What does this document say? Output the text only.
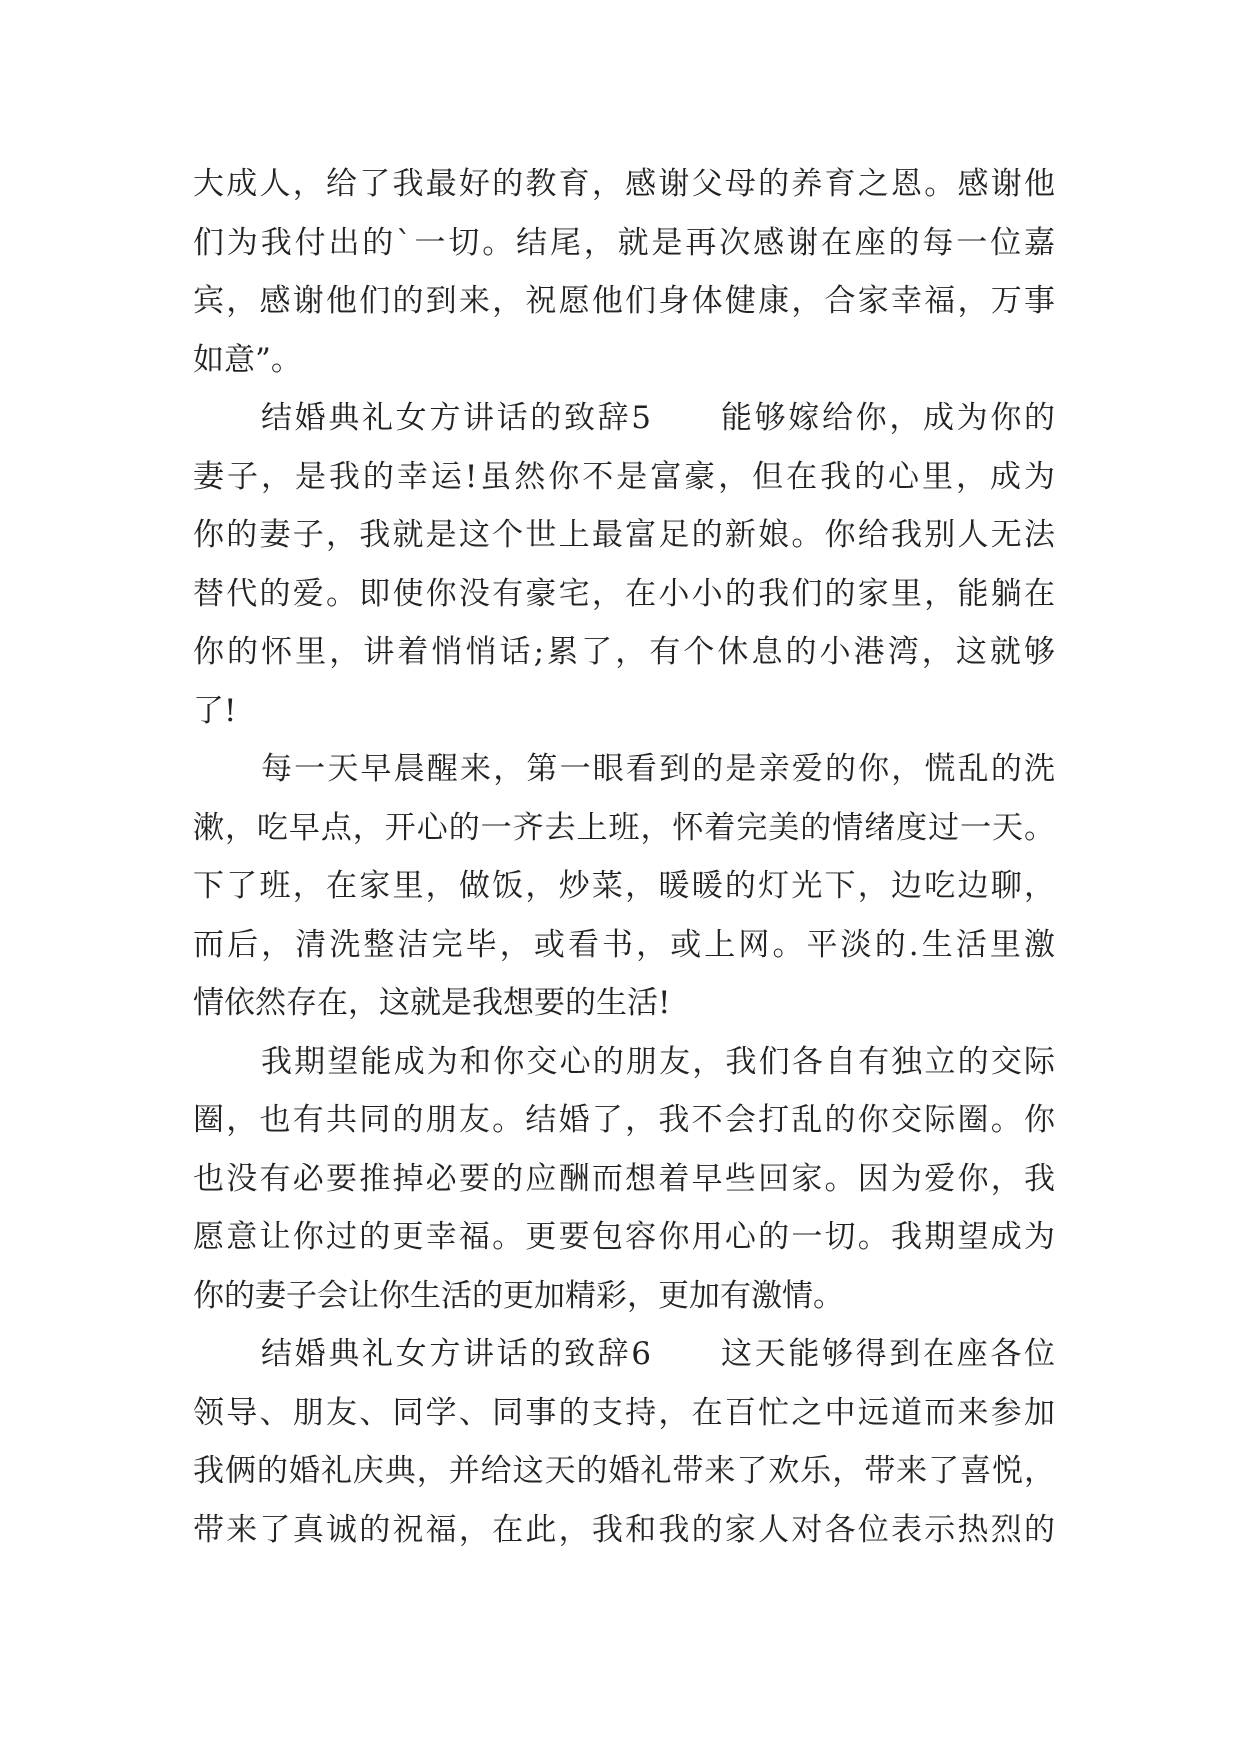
大成人，给了我最好的教育，感谢父母的养育之恩。感谢他
们为我付出的`一切。结尾，就是再次感谢在座的每一位嘉
宾，感谢他们的到来，祝愿他们身体健康，合家幸福，万事
如意”。
结婚典礼女方讲话的致辞5　　能够嫁给你，成为你的
妻子，是我的幸运!虽然你不是富豪，但在我的心里，成为
你的妻子，我就是这个世上最富足的新娘。你给我别人无法
替代的爱。即使你没有豪宅，在小小的我们的家里，能躺在
你的怀里，讲着悄悄话;累了，有个休息的小港湾，这就够
了!
每一天早晨醒来，第一眼看到的是亲爱的你，慌乱的洗
漱，吃早点，开心的一齐去上班，怀着完美的情绪度过一天。
下了班，在家里，做饭，炒菜，暖暖的灯光下，边吃边聊，
而后，清洗整洁完毕，或看书，或上网。平淡的.生活里激
情依然存在，这就是我想要的生活!
我期望能成为和你交心的朋友，我们各自有独立的交际
圈，也有共同的朋友。结婚了，我不会打乱的你交际圈。你
也没有必要推掉必要的应酬而想着早些回家。因为爱你，我
愿意让你过的更幸福。更要包容你用心的一切。我期望成为
你的妻子会让你生活的更加精彩，更加有激情。
结婚典礼女方讲话的致辞6　　这天能够得到在座各位
领导、朋友、同学、同事的支持，在百忙之中远道而来参加
我俩的婚礼庆典，并给这天的婚礼带来了欢乐，带来了喜悦，
带来了真诚的祝福，在此，我和我的家人对各位表示热烈的
